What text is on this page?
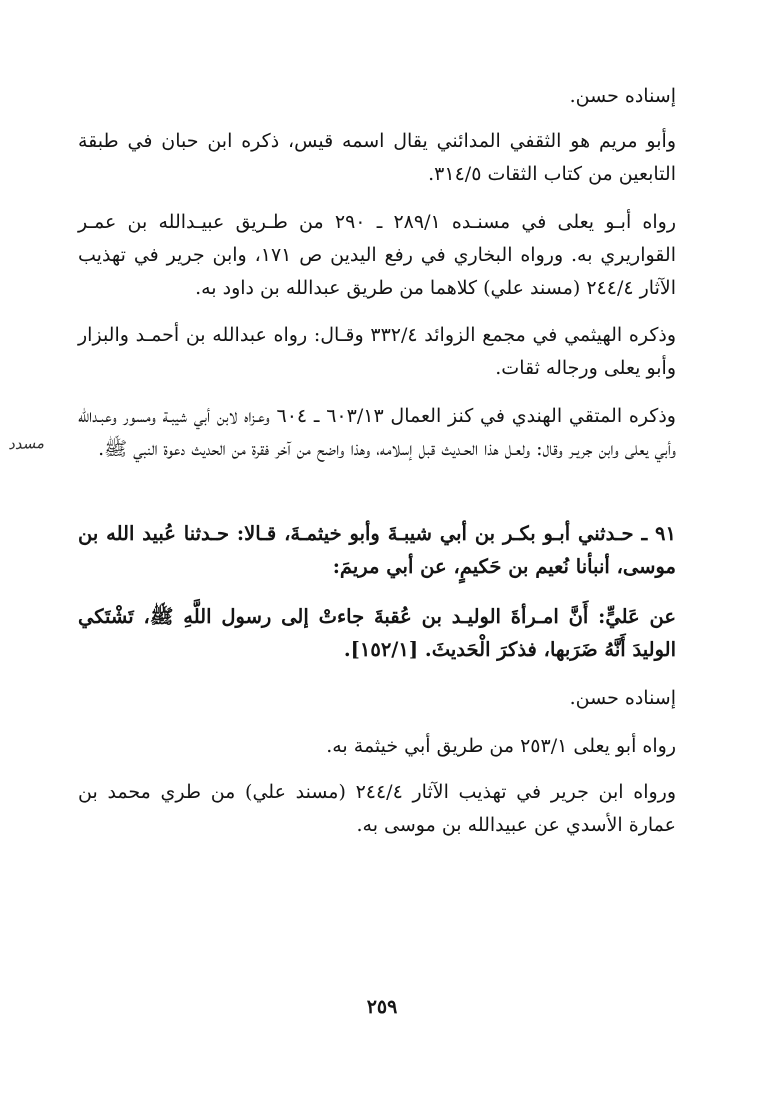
إسناده حسن.
وأبو مريم هو الثقفي المدائني يقال اسمه قيس، ذكره ابن حبان في طبقة التابعين من كتاب الثقات ٣١٤/٥.
رواه أبـو يعلى في مسنـده ٢٨٩/١ ـ ٢٩٠ من طـريق عبيـدالله بن عمـر القواريري به. ورواه البخاري في رفع اليدين ص ١٧١، وابن جرير في تهذيب الآثار ٢٤٤/٤ (مسند علي) كلاهما من طريق عبدالله بن داود به.
وذكره الهيثمي في مجمع الزوائد ٣٣٢/٤ وقـال: رواه عبدالله بن أحمـد والبزار وأبو يعلى ورجاله ثقات.
وذكره المتقي الهندي في كنز العمال ٦٠٣/١٣ ـ ٦٠٤ وعـزاه لابن أبي شيبـة ومسور وعبـدالله وأبي يعلى وابن جريـر وقال: ولعـل هذا الحـديث قبل إسلامه، وهذا واضح من آخر فقرة من الحديث دعوة النبي ﷺ.
مسدد
٩١ ـ حـدثني أبـو بكـر بن أبي شيبـةَ وأبو خيثمـةَ، قـالا: حـدثنا عُبيد الله بن موسى، أنبأنا نُعيم بن حَكيمٍ، عن أبي مريمَ:
عن عَليٍّ: أَنَّ امـرأةَ الوليـد بن عُقبةَ جاءتْ إلى رسول اللَّهِ ﷺ، تَشْتَكي الوليدَ أَنَّهُ ضَرَبها، فذكرَ الْحَديثَ. [١٥٢/١].
إسناده حسن.
رواه أبو يعلى ٢٥٣/١ من طريق أبي خيثمة به.
ورواه ابن جرير في تهذيب الآثار ٢٤٤/٤ (مسند علي) من طري محمد بن عمارة الأسدي عن عبيدالله بن موسى به.
٢٥٩
